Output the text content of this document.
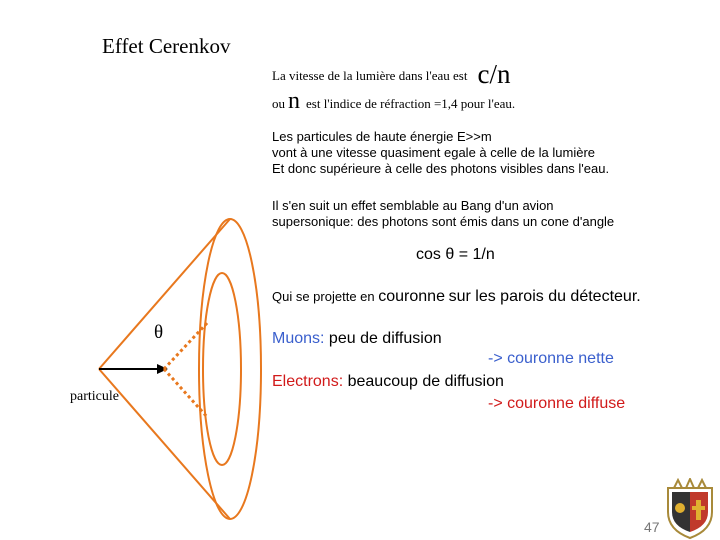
Effet Cerenkov
La vitesse de la lumière dans l'eau est c/n
ou n est l'indice de réfraction =1,4 pour l'eau.
Les particules de haute énergie E>>m
vont à une vitesse quasiment egale à celle de la lumière
Et donc supérieure à celle des photons visibles dans l'eau.
Il s'en suit un effet semblable au Bang d'un avion
supersonique: des photons sont émis dans un cone d'angle
cos θ = 1/n
Qui se projette en couronne sur les parois du détecteur.
Muons: peu de diffusion
-> couronne nette
Electrons: beaucoup de diffusion
-> couronne diffuse
θ
particule
47
